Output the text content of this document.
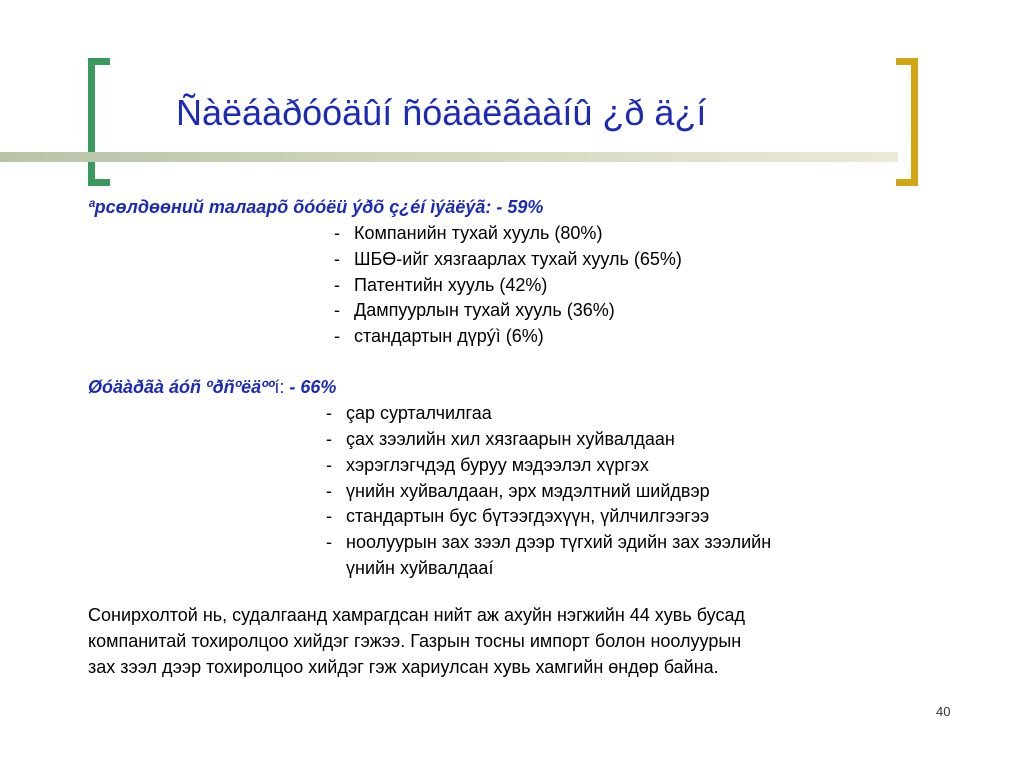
Ñàëáàðóóäûí ñóäàëãààíû ¿ð ä¿í
ªрсөлдөөний талаарõ õóóëü ýðõ ç¿éí ìýäëýã: - 59%
- Компанийн тухай хууль (80%)
- ШБӨ-ийг хязгаарлах тухай хууль (65%)
- Патентийн хууль (42%)
- Дампуурлын тухай хууль (36%)
- стандартын дүрýì (6%)
Øóäàðãà áóñ ºðñºëäººí: - 66%
- çар сурталчилгаа
- çах зээлийн хил хязгаарын хуйвалдаан
- хэрэглэгчдэд буруу мэдээлэл хүргэх
- үнийн хуйвалдаан, эрх мэдэлтний шийдвэр
- стандартын бус бүтээгдэхүүн, үйлчилгээгээ
- ноолуурын зах зээл дээр түгхий эдийн зах зээлийн
үнийн хуйвалдааí
Сонирхолтой нь, судалгаанд хамрагдсан нийт аж ахуйн нэгжийн 44 хувь бусад
компанитай тохиролцоо хийдэг гэжээ. Газрын тосны импорт болон ноолуурын
зах зээл дээр тохиролцоо хийдэг гэж хариулсан хувь хамгийн өндөр байна.
40
